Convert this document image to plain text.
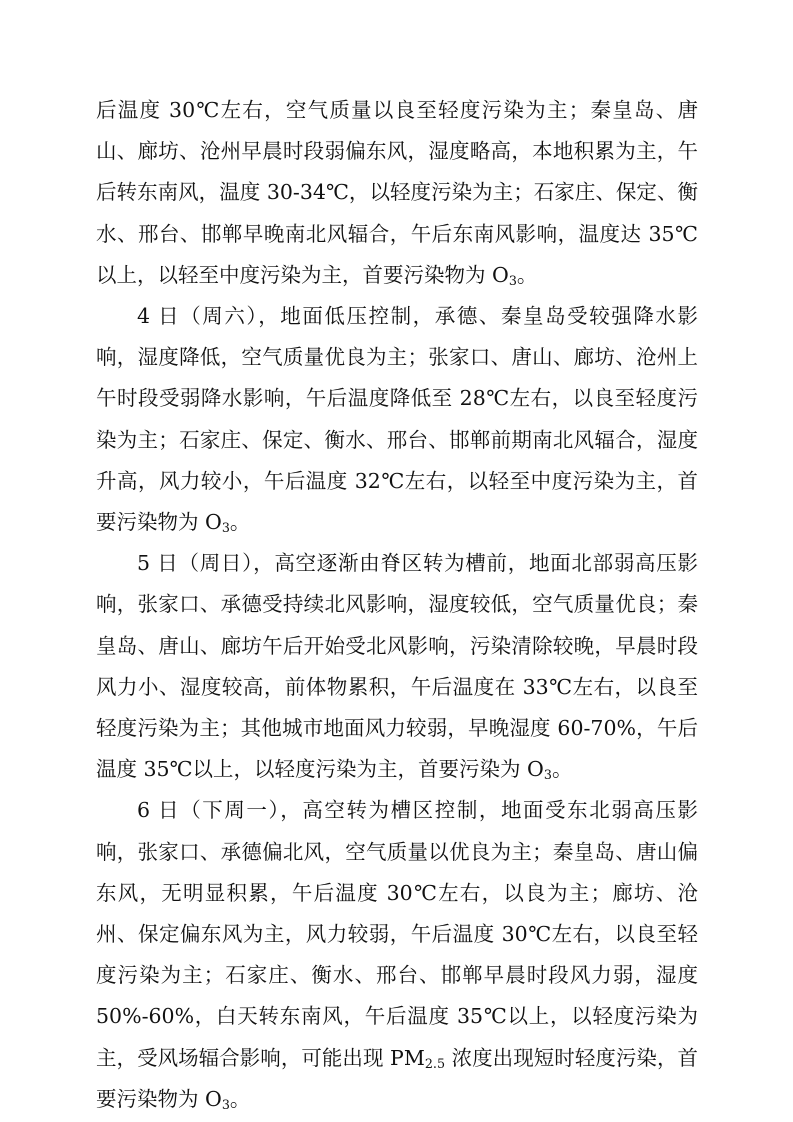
后温度 30℃左右，空气质量以良至轻度污染为主；秦皇岛、唐山、廊坊、沧州早晨时段弱偏东风，湿度略高，本地积累为主，午后转东南风，温度 30-34℃，以轻度污染为主；石家庄、保定、衡水、邢台、邯郸早晚南北风辐合，午后东南风影响，温度达 35℃以上，以轻至中度污染为主，首要污染物为 $O_3$。

4 日（周六），地面低压控制，承德、秦皇岛受较强降水影响，湿度降低，空气质量优良为主；张家口、唐山、廊坊、沧州上午时段受弱降水影响，午后温度降低至 28℃左右，以良至轻度污染为主；石家庄、保定、衡水、邢台、邯郸前期南北风辐合，湿度升高，风力较小，午后温度 32℃左右，以轻至中度污染为主，首要污染物为 $O_3$。

5 日（周日），高空逐渐由脊区转为槽前，地面北部弱高压影响，张家口、承德受持续北风影响，湿度较低，空气质量优良；秦皇岛、唐山、廊坊午后开始受北风影响，污染清除较晚，早晨时段风力小、湿度较高，前体物累积，午后温度在 33℃左右，以良至轻度污染为主；其他城市地面风力较弱，早晚湿度 60-70%，午后温度 35℃以上，以轻度污染为主，首要污染为 $O_3$。

6 日（下周一），高空转为槽区控制，地面受东北弱高压影响，张家口、承德偏北风，空气质量以优良为主；秦皇岛、唐山偏东风，无明显积累，午后温度 30℃左右，以良为主；廊坊、沧州、保定偏东风为主，风力较弱，午后温度 30℃左右，以良至轻度污染为主；石家庄、衡水、邢台、邯郸早晨时段风力弱，湿度 50%-60%，白天转东南风，午后温度 35℃以上，以轻度污染为主，受风场辐合影响，可能出现 $PM_{2.5}$ 浓度出现短时轻度污染，首要污染物为 $O_3$。
